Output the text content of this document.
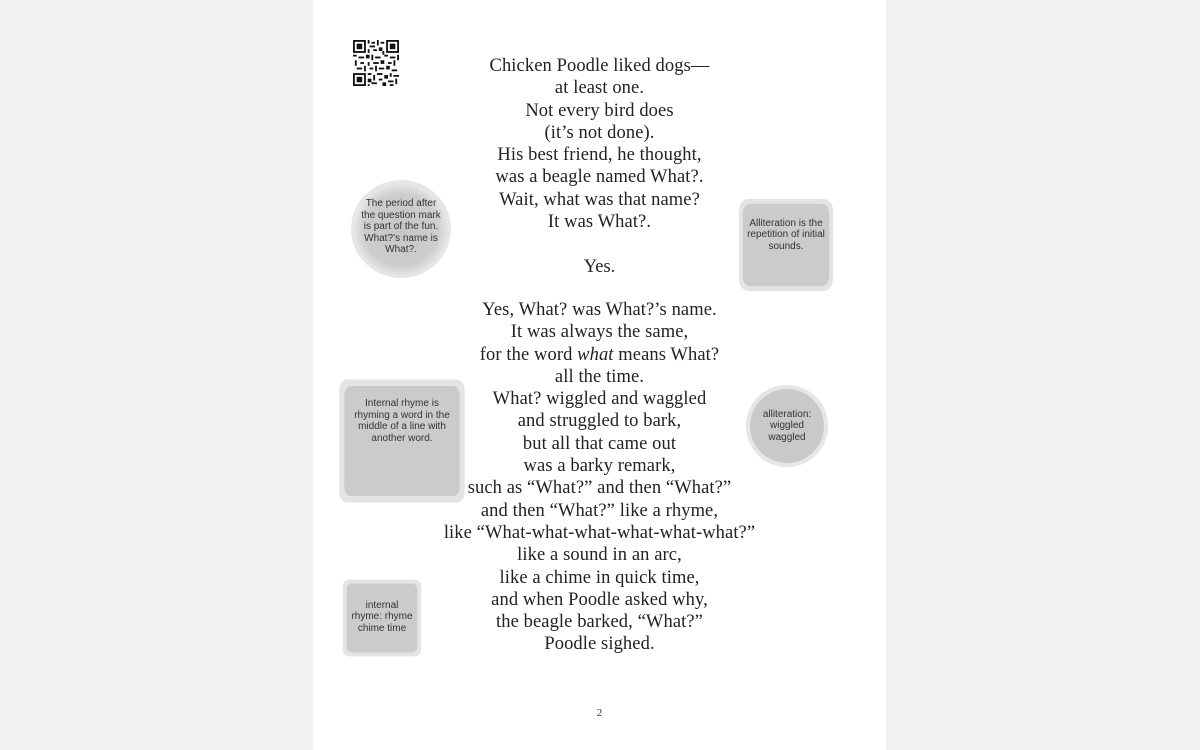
Chicken Poodle liked dogs—
at least one.
Not every bird does
(it’s not done).
His best friend, he thought,
was a beagle named What?.
Wait, what was that name?
It was What?.
Yes.
Yes, What? was What?’s name.
It was always the same,
for the word what means What?
all the time.
What? wiggled and waggled
and struggled to bark,
but all that came out
was a barky remark,
such as “What?” and then “What?”
and then “What?” like a rhyme,
like “What-what-what-what-what-what?”
like a sound in an arc,
like a chime in quick time,
and when Poodle asked why,
the beagle barked, “What?”
Poodle sighed.
The period after the question mark is part of the fun. What?’s name is What?.
Alliteration is the repetition of initial sounds.
Internal rhyme is rhyming a word in the middle of a line with another word.
alliteration: wiggled waggled
internal rhyme: rhyme chime time
2
